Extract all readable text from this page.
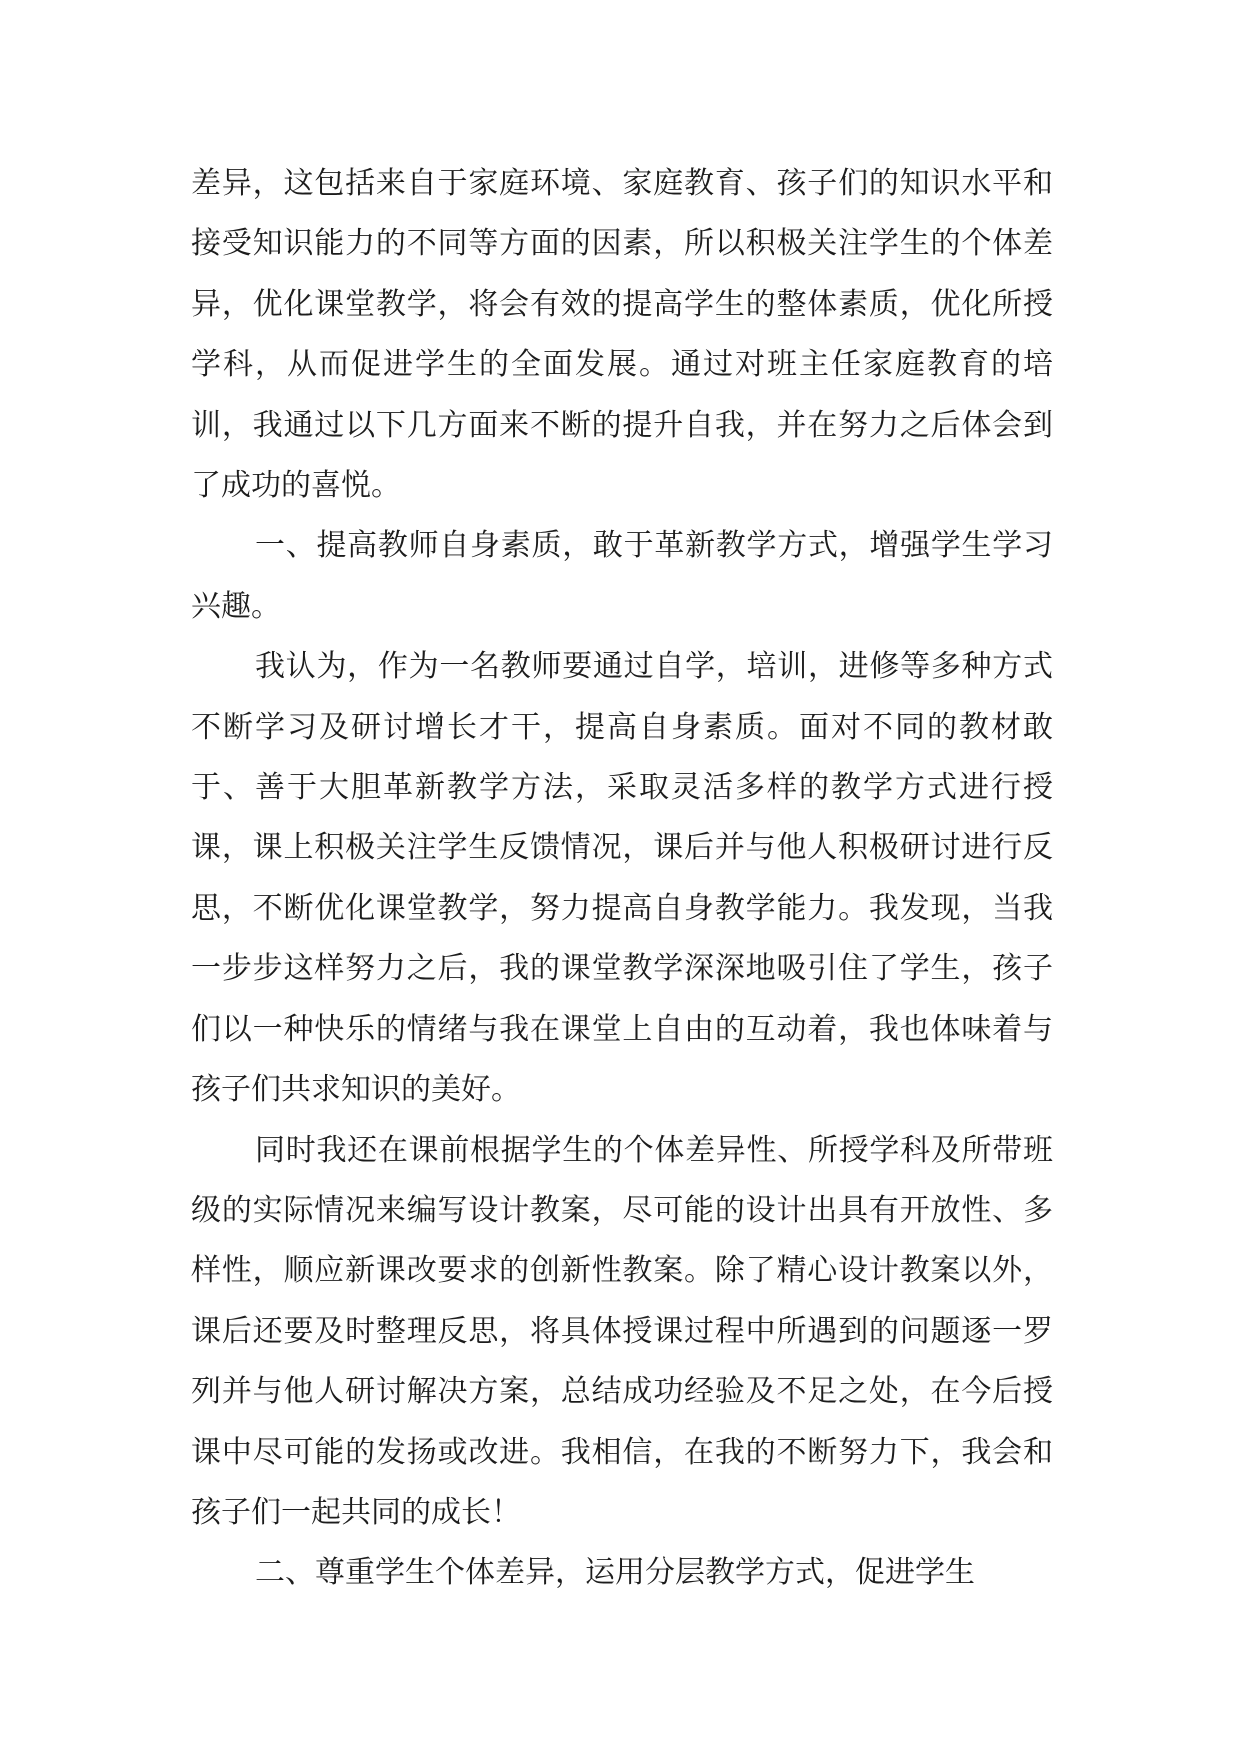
差异，这包括来自于家庭环境、家庭教育、孩子们的知识水平和接受知识能力的不同等方面的因素，所以积极关注学生的个体差异，优化课堂教学，将会有效的提高学生的整体素质，优化所授学科，从而促进学生的全面发展。通过对班主任家庭教育的培训，我通过以下几方面来不断的提升自我，并在努力之后体会到了成功的喜悦。

一、提高教师自身素质，敢于革新教学方式，增强学生学习兴趣。

我认为，作为一名教师要通过自学，培训，进修等多种方式不断学习及研讨增长才干，提高自身素质。面对不同的教材敢于、善于大胆革新教学方法，采取灵活多样的教学方式进行授课，课上积极关注学生反馈情况，课后并与他人积极研讨进行反思，不断优化课堂教学，努力提高自身教学能力。我发现，当我一步步这样努力之后，我的课堂教学深深地吸引住了学生，孩子们以一种快乐的情绪与我在课堂上自由的互动着，我也体味着与孩子们共求知识的美好。

同时我还在课前根据学生的个体差异性、所授学科及所带班级的实际情况来编写设计教案，尽可能的设计出具有开放性、多样性，顺应新课改要求的创新性教案。除了精心设计教案以外，课后还要及时整理反思，将具体授课过程中所遇到的问题逐一罗列并与他人研讨解决方案，总结成功经验及不足之处，在今后授课中尽可能的发扬或改进。我相信，在我的不断努力下，我会和孩子们一起共同的成长！

二、尊重学生个体差异，运用分层教学方式，促进学生
